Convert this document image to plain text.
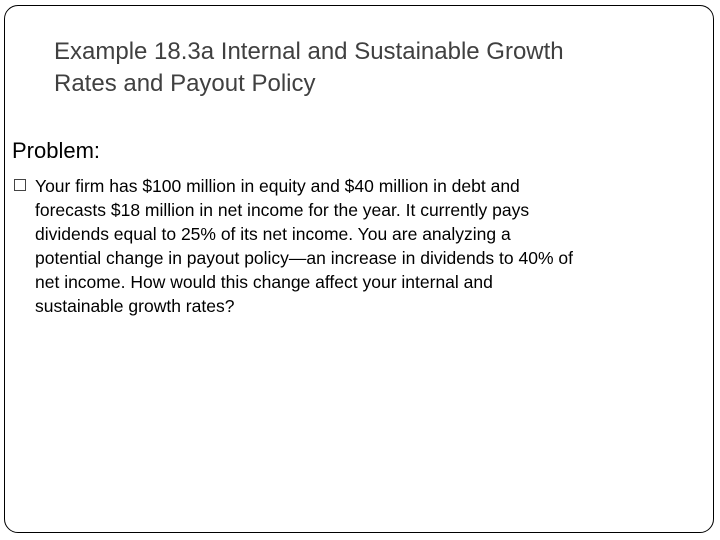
Example 18.3a Internal and Sustainable Growth
Rates and Payout Policy
Problem:
Your firm has $100 million in equity and $40 million in debt and
forecasts $18 million in net income for the year. It currently pays
dividends equal to 25% of its net income. You are analyzing a
potential change in payout policy—an increase in dividends to 40% of
net income. How would this change affect your internal and
sustainable growth rates?
